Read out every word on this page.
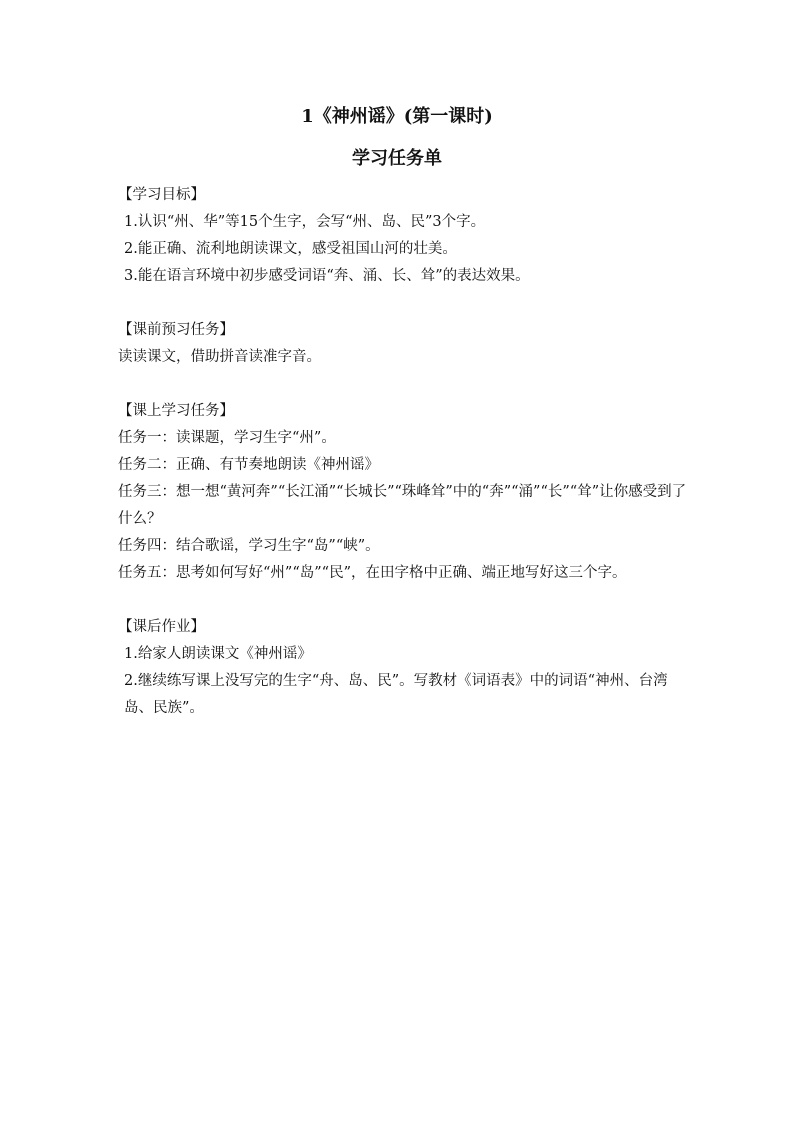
1《神州谣》(第一课时)
学习任务单

【学习目标】

1.认识“州、华”等15个生字，会写“州、岛、民”3个字。

2.能正确、流利地朗读课文，感受祖国山河的壮美。

3.能在语言环境中初步感受词语“奔、涌、长、耸”的表达效果。

【课前预习任务】

读读课文，借助拼音读准字音。

【课上学习任务】

任务一：读课题，学习生字“州”。

任务二：正确、有节奏地朗读《神州谣》

任务三：想一想“黄河奔”“长江涌”“长城长”“珠峰耸”中的“奔”“涌”“长”“耸”让你感受到了什么？

任务四：结合歌谣，学习生字“岛”“峡”。

任务五：思考如何写好“州”“岛”“民”，在田字格中正确、端正地写好这三个字。

【课后作业】

1.给家人朗读课文《神州谣》

2.继续练写课上没写完的生字“舟、岛、民”。写教材《词语表》中的词语“神州、台湾岛、民族”。
